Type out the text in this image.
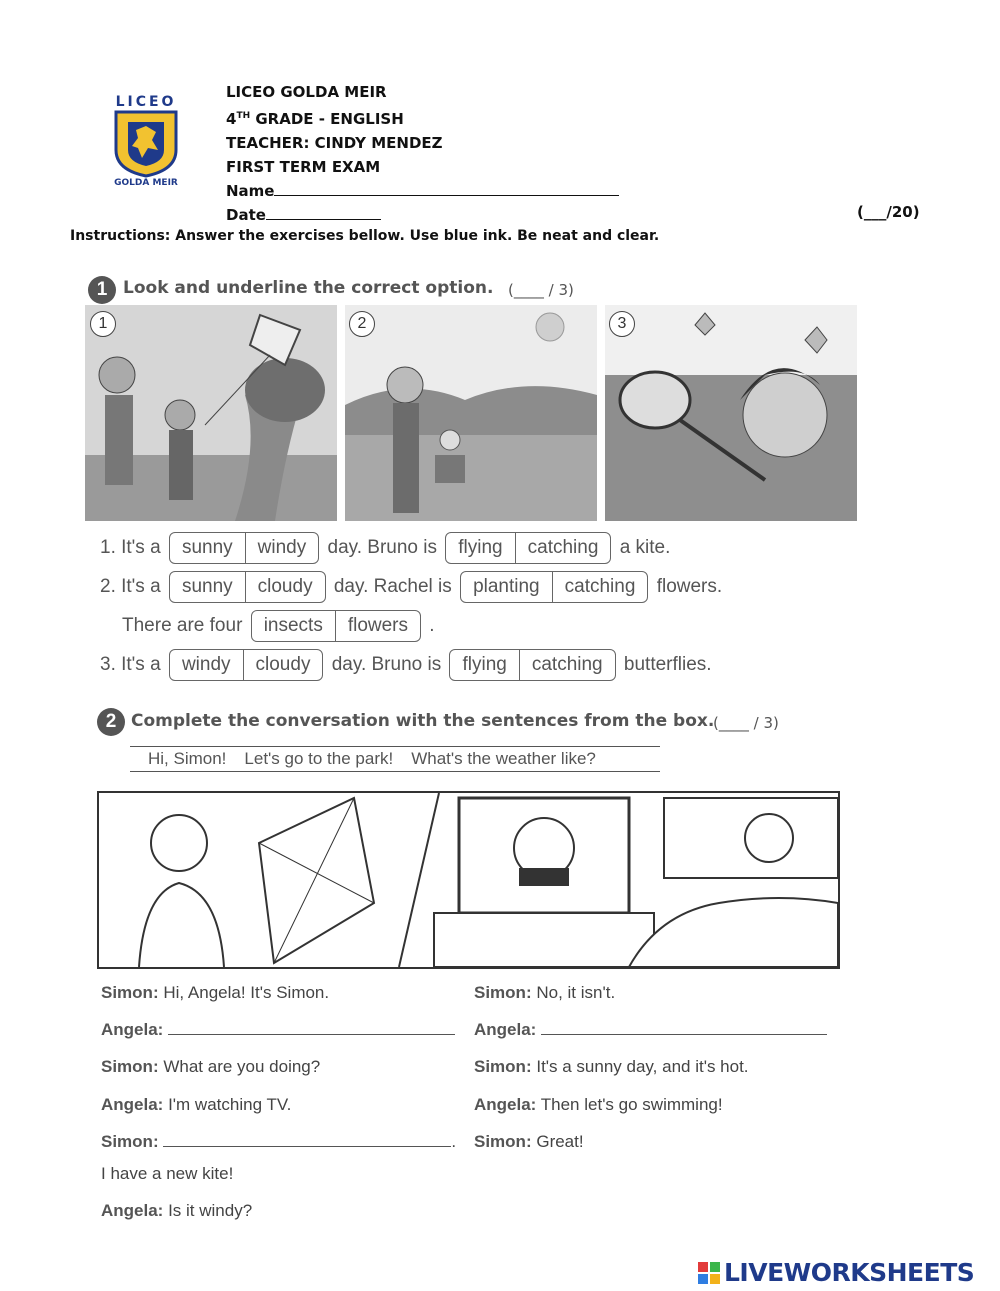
LICEO
GOLDA MEIR
LICEO GOLDA MEIR
4TH GRADE - ENGLISH
TEACHER: CINDY MENDEZ
FIRST TERM EXAM
Name
Date	(___/20)
Instructions: Answer the exercises bellow. Use blue ink. Be neat and clear.
1 Look and underline the correct option. (____ / 3)
1	2	3
1. It's a	sunny	windy	day. Bruno is	flying	catching	a kite.
2. It's a	sunny	cloudy	day. Rachel is	planting	catching	flowers.
There are four	insects	flowers	.
3. It's a	windy	cloudy	day. Bruno is	flying	catching	butterflies.
2 Complete the conversation with the sentences from the box.
(____ / 3)
Hi, Simon! Let's go to the park! What's the weather like?
Simon: Hi, Angela! It's Simon.
Angela:
Simon: What are you doing?
Angela: I'm watching TV.
Simon:	.
I have a new kite!
Angela: Is it windy?
Simon: No, it isn't.
Angela:
Simon: It's a sunny day, and it's hot.
Angela: Then let's go swimming!
Simon: Great!
LIVEWORKSHEETS
